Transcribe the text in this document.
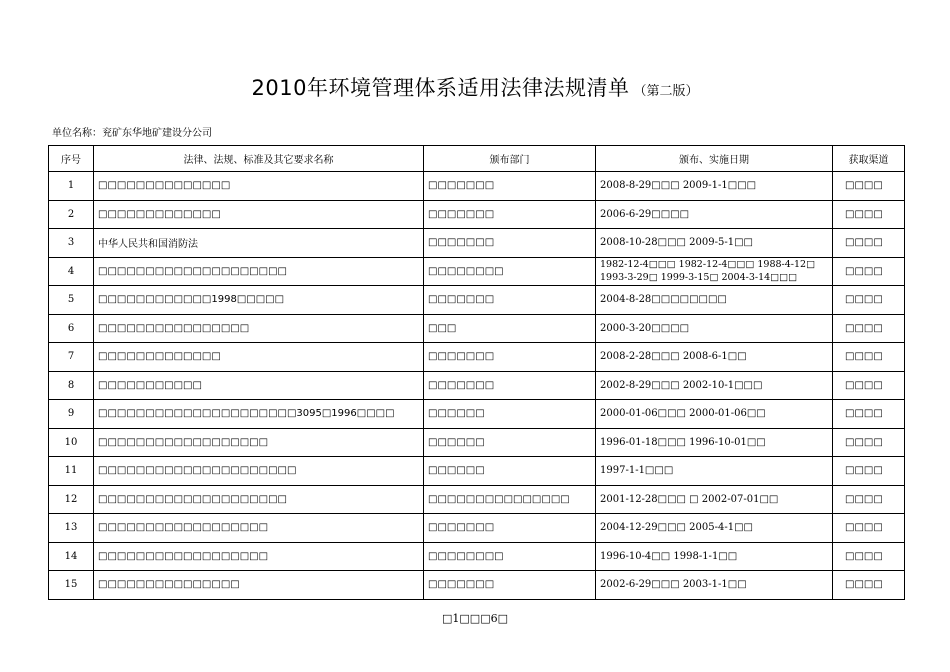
2010年环境管理体系适用法律法规清单 （第二版）
单位名称：兖矿东华地矿建设分公司
序号	法律、法规、标准及其它要求名称	颁布部门	颁布、实施日期	获取渠道
1	□□□□□□□□□□□□□□	□□□□□□□	2008-8-29□□□ 2009-1-1□□□	□□□□
2	□□□□□□□□□□□□□	□□□□□□□	2006-6-29□□□□	□□□□
3	中华人民共和国消防法	□□□□□□□	2008-10-28□□□ 2009-5-1□□	□□□□
4	□□□□□□□□□□□□□□□□□□□□	□□□□□□□□	1982-12-4□□□ 1982-12-4□□□ 1988-4-12□ 1993-3-29□ 1999-3-15□ 2004-3-14□□□	□□□□
5	□□□□□□□□□□□□1998□□□□□	□□□□□□□	2004-8-28□□□□□□□□	□□□□
6	□□□□□□□□□□□□□□□□	□□□	2000-3-20□□□□	□□□□
7	□□□□□□□□□□□□□	□□□□□□□	2008-2-28□□□ 2008-6-1□□	□□□□
8	□□□□□□□□□□□	□□□□□□□	2002-8-29□□□ 2002-10-1□□□	□□□□
9	□□□□□□□□□□□□□□□□□□□□□3095□1996□□□□	□□□□□□	2000-01-06□□□ 2000-01-06□□	□□□□
10	□□□□□□□□□□□□□□□□□□	□□□□□□	1996-01-18□□□ 1996-10-01□□	□□□□
11	□□□□□□□□□□□□□□□□□□□□□	□□□□□□	1997-1-1□□□	□□□□
12	□□□□□□□□□□□□□□□□□□□□	□□□□□□□□□□□□□□□	2001-12-28□□□ □ 2002-07-01□□	□□□□
13	□□□□□□□□□□□□□□□□□□	□□□□□□□	2004-12-29□□□ 2005-4-1□□	□□□□
14	□□□□□□□□□□□□□□□□□□	□□□□□□□□	1996-10-4□□ 1998-1-1□□	□□□□
15	□□□□□□□□□□□□□□□	□□□□□□□	2002-6-29□□□ 2003-1-1□□	□□□□
□1□□□6□
